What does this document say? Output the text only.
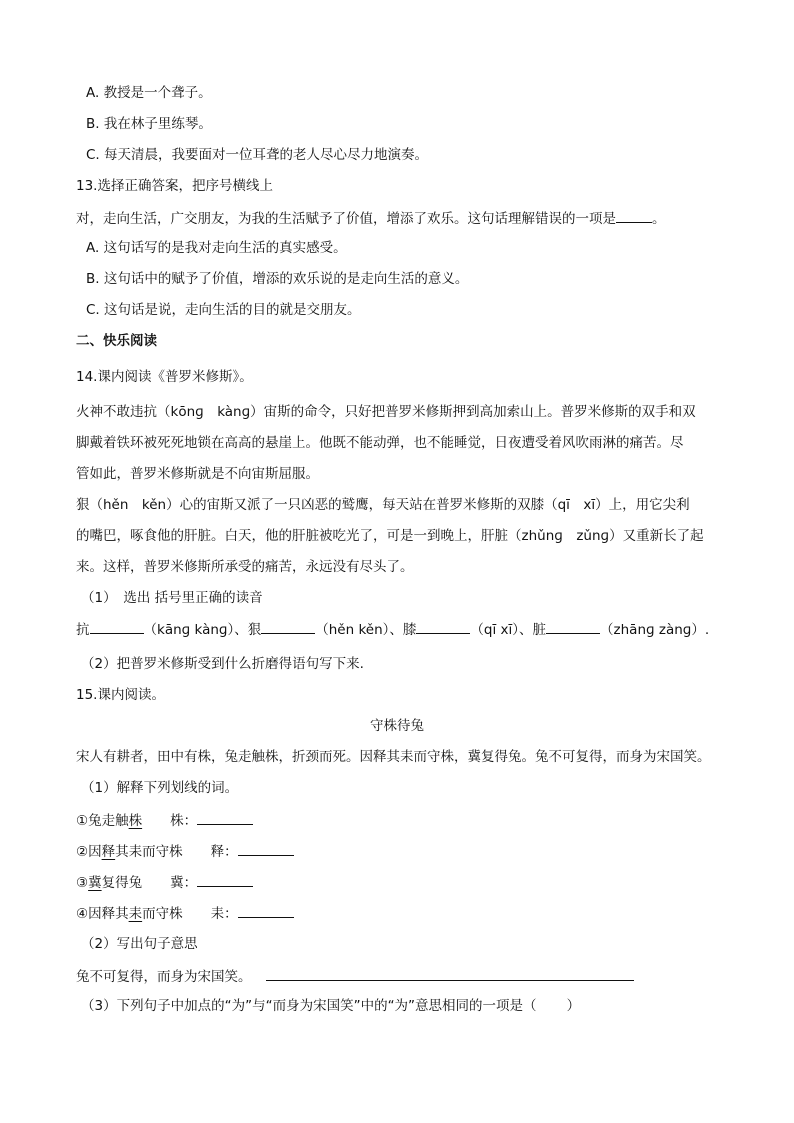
A. 教授是一个聋子。
B. 我在林子里练琴。
C. 每天清晨，我要面对一位耳聋的老人尽心尽力地演奏。
13.选择正确答案，把序号横线上
对，走向生活，广交朋友，为我的生活赋予了价值，增添了欢乐。这句话理解错误的一项是	。
A. 这句话写的是我对走向生活的真实感受。
B. 这句话中的赋予了价值，增添的欢乐说的是走向生活的意义。
C. 这句话是说，走向生活的目的就是交朋友。
二、快乐阅读
14.课内阅读《普罗米修斯》。
火神不敢违抗（kōnɡ　kànɡ）宙斯的命令，只好把普罗米修斯押到高加索山上。普罗米修斯的双手和双
脚戴着铁环被死死地锁在高高的悬崖上。他既不能动弹，也不能睡觉，日夜遭受着风吹雨淋的痛苦。尽
管如此，普罗米修斯就是不向宙斯屈服。
狠（hěn　kěn）心的宙斯又派了一只凶恶的鹫鹰，每天站在普罗米修斯的双膝（qī　xī）上，用它尖利
的嘴巴，啄食他的肝脏。白天，他的肝脏被吃光了，可是一到晚上，肝脏（zhǔnɡ　zǔnɡ）又重新长了起
来。这样，普罗米修斯所承受的痛苦，永远没有尽头了。
（1）　选出 括号里正确的读音
抗	（kānɡ kànɡ）、狠	（hěn kěn）、膝	（qī xī）、脏	（zhānɡ zànɡ）.
（2）把普罗米修斯受到什么折磨得语句写下来.
15.课内阅读。
守株待兔
宋人有耕者，田中有株，兔走触株，折颈而死。因释其耒而守株，冀复得兔。兔不可复得，而身为宋国笑。
（1）解释下列划线的词。
①兔走触株 株：
②因释其耒而守株 释：
③冀复得兔 冀：
④因释其耒而守株 耒：
（2）写出句子意思
兔不可复得，而身为宋国笑。
（3）下列句子中加点的“为”与“而身为宋国笑”中的“为”意思相同的一项是（ ）
